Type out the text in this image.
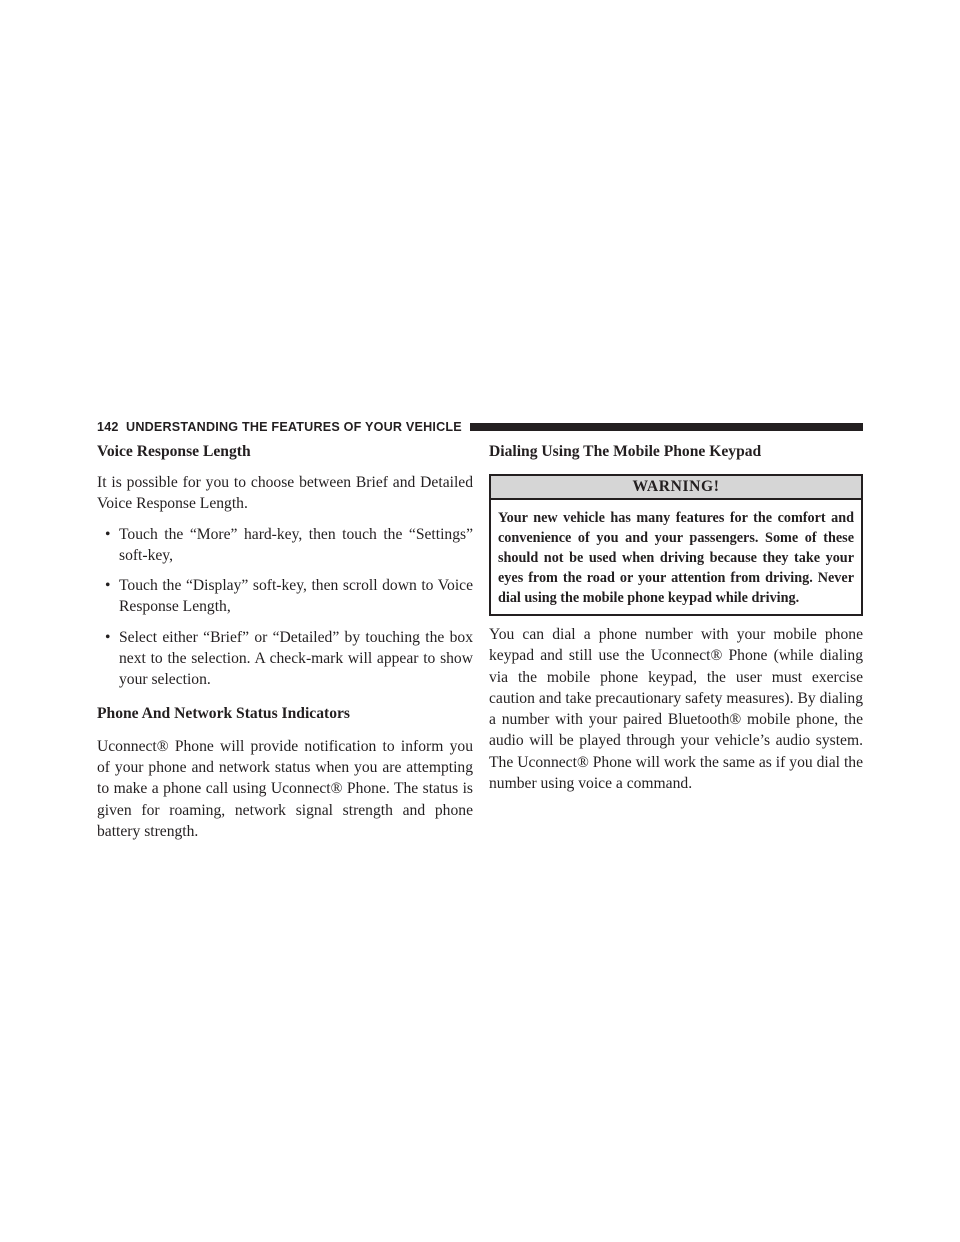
142
UNDERSTANDING THE FEATURES OF YOUR VEHICLE
Voice Response Length

It is possible for you to choose between Brief and Detailed Voice Response Length.

• Touch the “More” hard-key, then touch the “Settings” soft-key,
• Touch the “Display” soft-key, then scroll down to Voice Response Length,
• Select either “Brief” or “Detailed” by touching the box next to the selection. A check-mark will appear to show your selection.
Phone And Network Status Indicators

Uconnect® Phone will provide notification to inform you of your phone and network status when you are attempting to make a phone call using Uconnect® Phone. The status is given for roaming, network signal strength and phone battery strength.

Dialing Using The Mobile Phone Keypad
WARNING!
Your new vehicle has many features for the comfort and convenience of you and your passengers. Some of these should not be used when driving because they take your eyes from the road or your attention from driving. Never dial using the mobile phone keypad while driving.

You can dial a phone number with your mobile phone keypad and still use the Uconnect® Phone (while dialing via the mobile phone keypad, the user must exercise caution and take precautionary safety measures). By dialing a number with your paired Bluetooth® mobile phone, the audio will be played through your vehicle’s audio system. The Uconnect® Phone will work the same as if you dial the number using voice a command.
